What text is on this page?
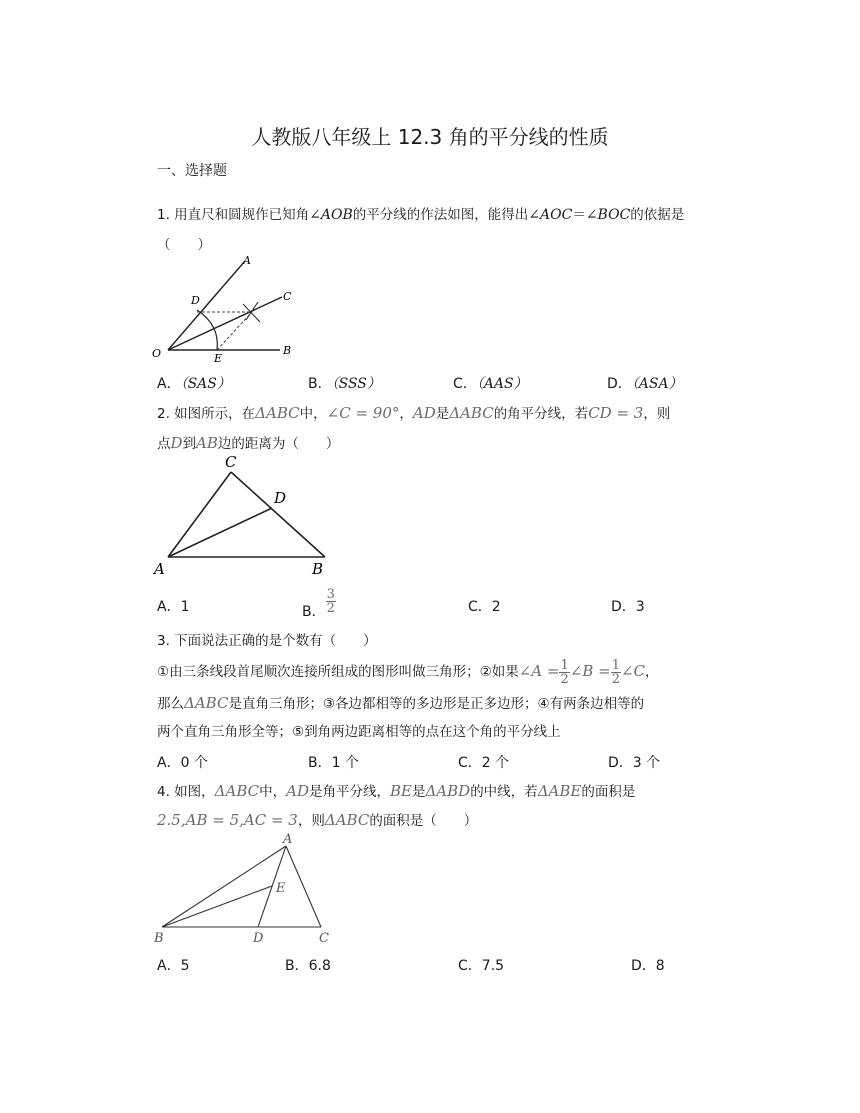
人教版八年级上 12.3 角的平分线的性质
一、选择题
1. 用直尺和圆规作已知角∠AOB的平分线的作法如图，能得出∠AOC＝∠BOC的依据是
（　　）
A
C
D
O	E
B
A．（SAS）	B．（SSS）	C．（AAS）	D．（ASA）
2. 如图所示，在ΔABC中，∠C = 90°，AD是ΔABC的角平分线，若CD = 3，则
点D到AB边的距离为（　　）
C
D
A	B
A．1	B． $\frac{3}{2}$	C．2	D．3
3. 下面说法正确的是个数有（　　）
①由三条线段首尾顺次连接所组成的图形叫做三角形；②如果∠A = $\frac{1}{2}$ ∠B = $\frac{1}{2}$ ∠C，
那么ΔABC是直角三角形；③各边都相等的多边形是正多边形；④有两条边相等的
两个直角三角形全等；⑤到角两边距离相等的点在这个角的平分线上
A．0 个	B．1 个	C．2 个	D．3 个
4. 如图，ΔABC中，AD是角平分线，BE是ΔABD的中线，若ΔABE的面积是
2.5,AB = 5,AC = 3，则ΔABC的面积是（　　）
A
E
B	D	C
A．5	B．6.8	C．7.5	D．8
